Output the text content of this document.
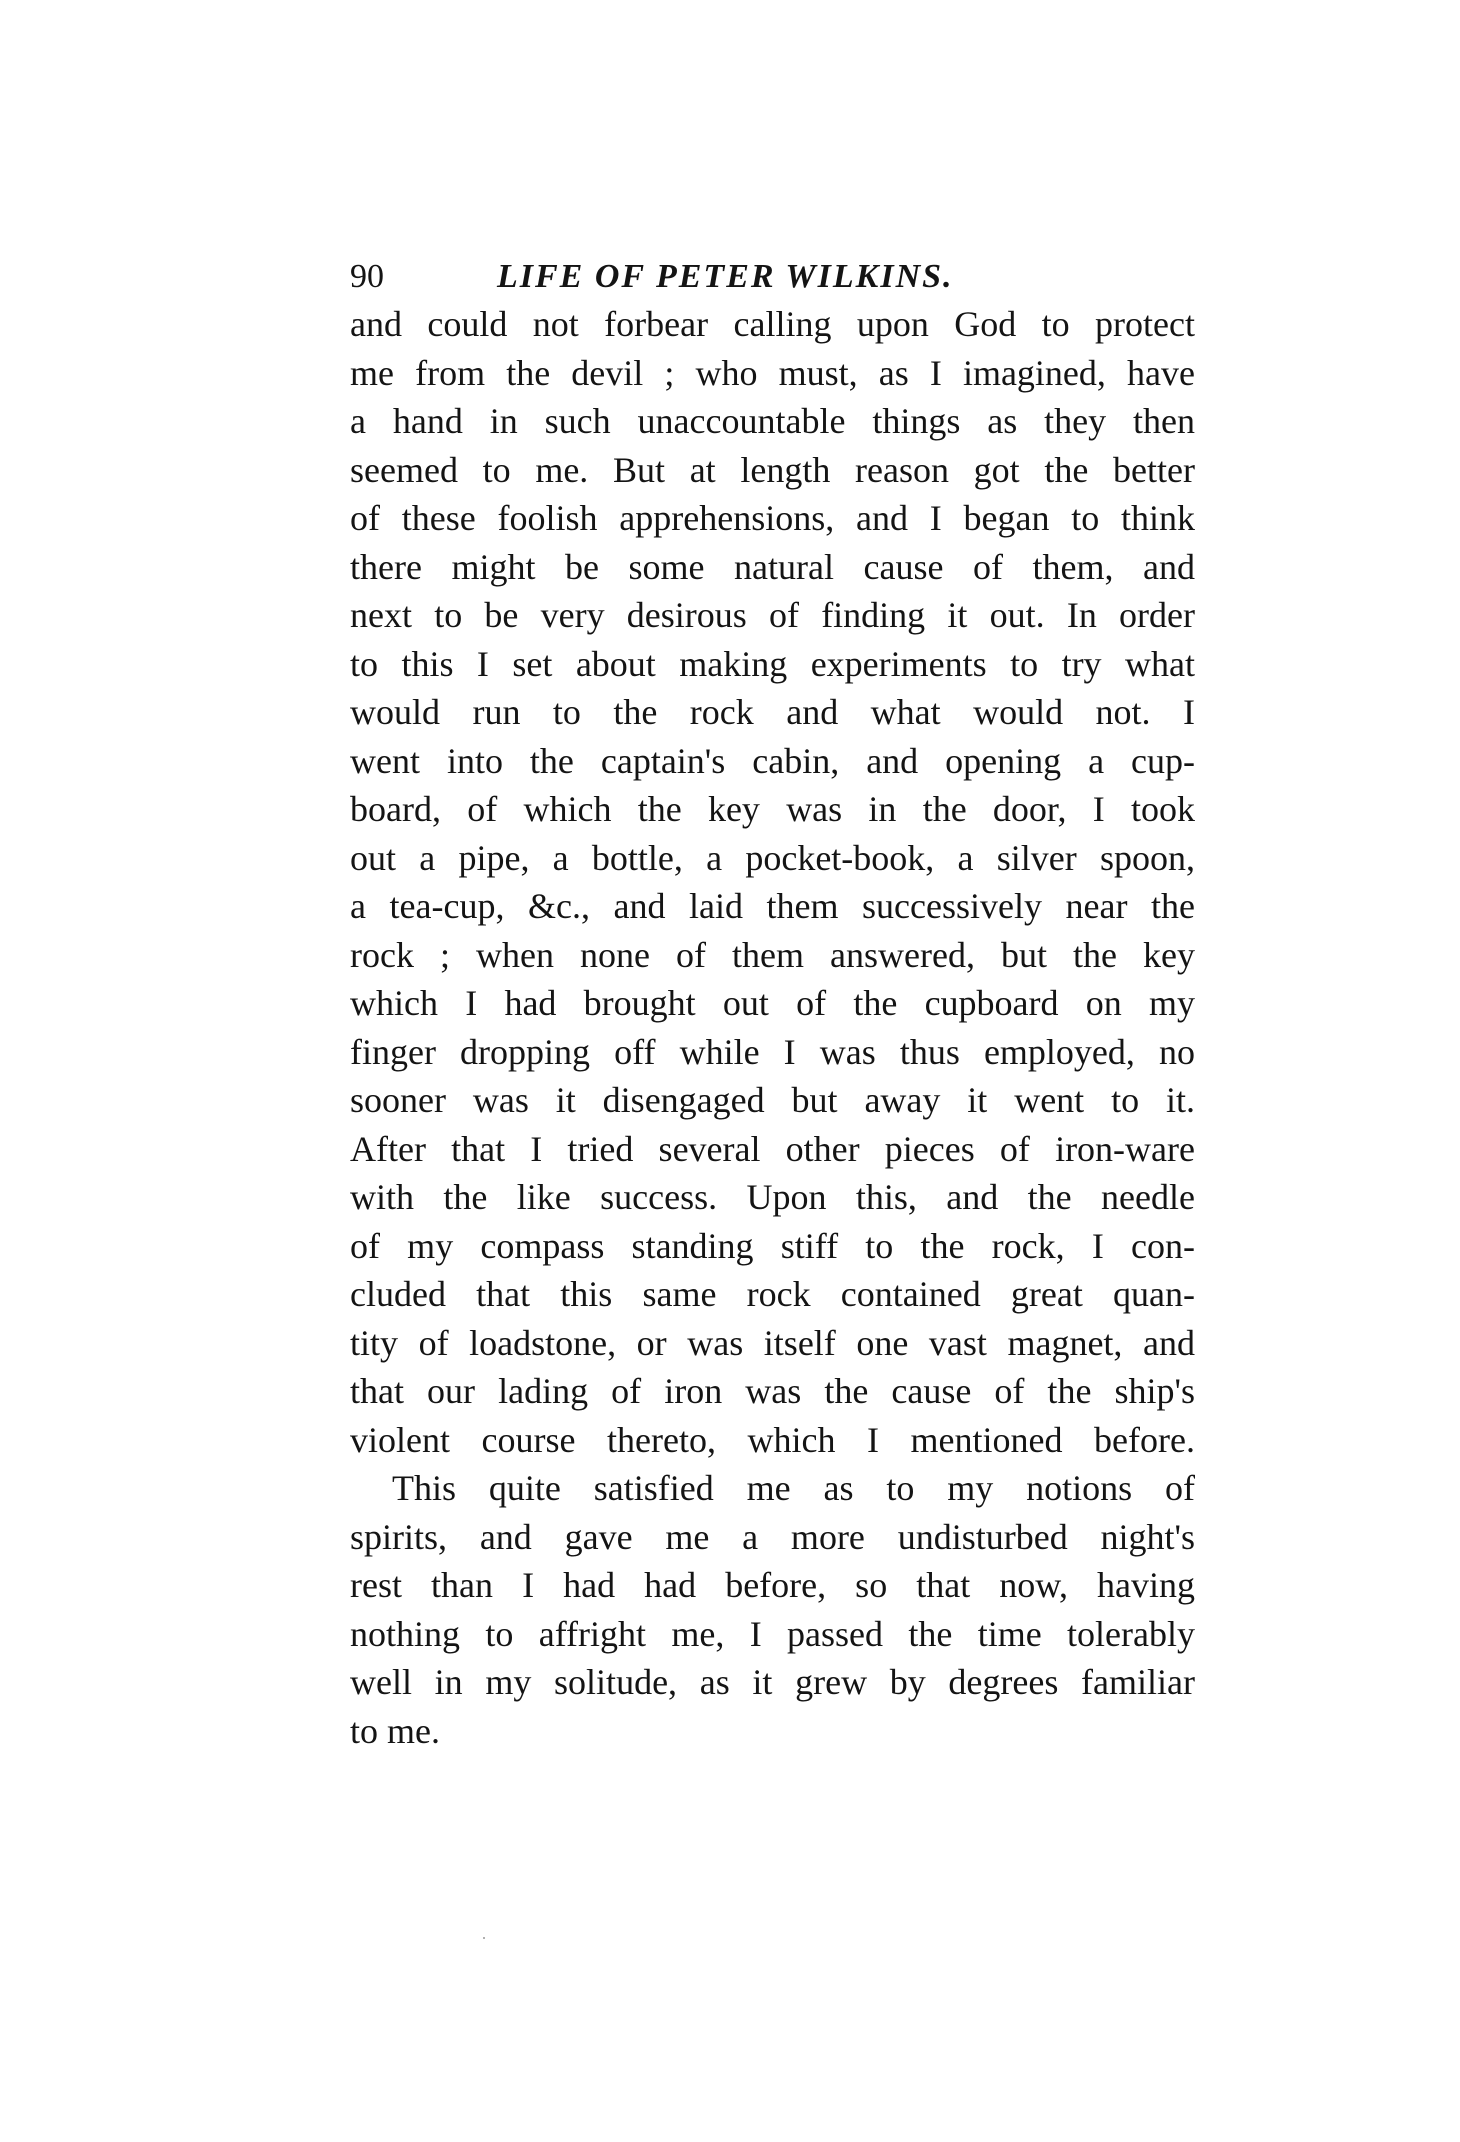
90	LIFE OF PETER WILKINS.
and could not forbear calling upon God to protect
me from the devil ; who must, as I imagined, have
a hand in such unaccountable things as they then
seemed to me. But at length reason got the better
of these foolish apprehensions, and I began to think
there might be some natural cause of them, and
next to be very desirous of finding it out. In order
to this I set about making experiments to try what
would run to the rock and what would not. I
went into the captain's cabin, and opening a cup-
board, of which the key was in the door, I took
out a pipe, a bottle, a pocket-book, a silver spoon,
a tea-cup, &c., and laid them successively near the
rock ; when none of them answered, but the key
which I had brought out of the cupboard on my
finger dropping off while I was thus employed, no
sooner was it disengaged but away it went to it.
After that I tried several other pieces of iron-ware
with the like success. Upon this, and the needle
of my compass standing stiff to the rock, I con-
cluded that this same rock contained great quan-
tity of loadstone, or was itself one vast magnet, and
that our lading of iron was the cause of the ship's
violent course thereto, which I mentioned before.
This quite satisfied me as to my notions of
spirits, and gave me a more undisturbed night's
rest than I had had before, so that now, having
nothing to affright me, I passed the time tolerably
well in my solitude, as it grew by degrees familiar
to me.
